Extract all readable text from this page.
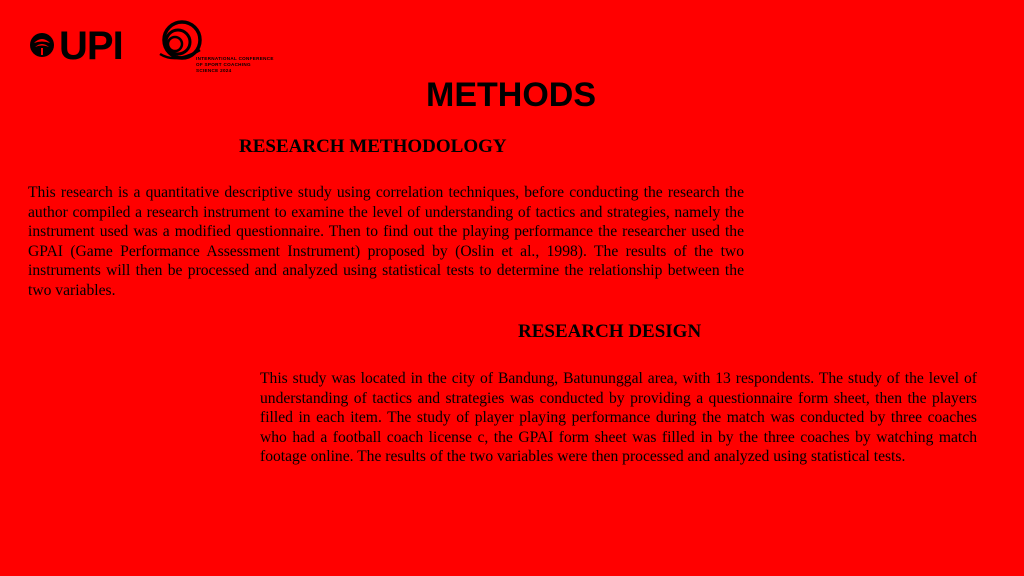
UPI	INTERNATIONAL CONFERENCE
OF SPORT COACHING
SCIENCE 2024
METHODS
RESEARCH METHODOLOGY
This research is a quantitative descriptive study using correlation techniques, before conducting the research the author compiled a research instrument to examine the level of understanding of tactics and strategies, namely the instrument used was a modified questionnaire. Then to find out the playing performance the researcher used the GPAI (Game Performance Assessment Instrument) proposed by (Oslin et al., 1998). The results of the two instruments will then be processed and analyzed using statistical tests to determine the relationship between the two variables.
RESEARCH DESIGN
This study was located in the city of Bandung, Batununggal area, with 13 respondents. The study of the level of understanding of tactics and strategies was conducted by providing a questionnaire form sheet, then the players filled in each item. The study of player playing performance during the match was conducted by three coaches who had a football coach license c, the GPAI form sheet was filled in by the three coaches by watching match footage online. The results of the two variables were then processed and analyzed using statistical tests.
